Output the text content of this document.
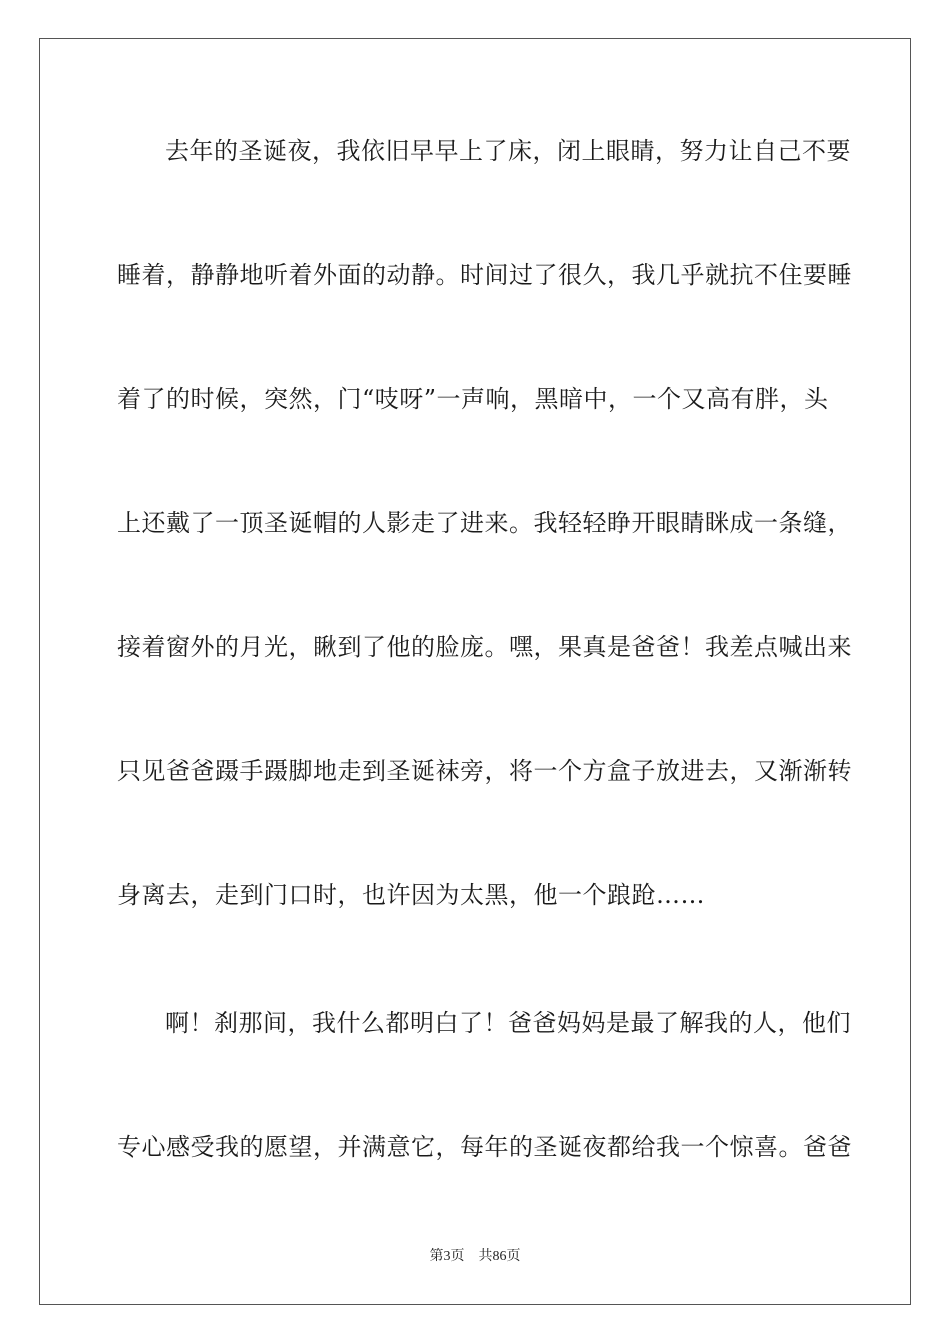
去年的圣诞夜，我依旧早早上了床，闭上眼睛，努力让自己不要
睡着，静静地听着外面的动静。时间过了很久，我几乎就抗不住要睡
着了的时候，突然，门“吱呀”一声响，黑暗中，一个又高有胖，头
上还戴了一顶圣诞帽的人影走了进来。我轻轻睁开眼睛眯成一条缝，
接着窗外的月光，瞅到了他的脸庞。嘿，果真是爸爸！我差点喊出来
只见爸爸蹑手蹑脚地走到圣诞袜旁，将一个方盒子放进去，又渐渐转
身离去，走到门口时，也许因为太黑，他一个踉跄……
啊！刹那间，我什么都明白了！爸爸妈妈是最了解我的人，他们
专心感受我的愿望，并满意它，每年的圣诞夜都给我一个惊喜。爸爸
第3页 共86页
